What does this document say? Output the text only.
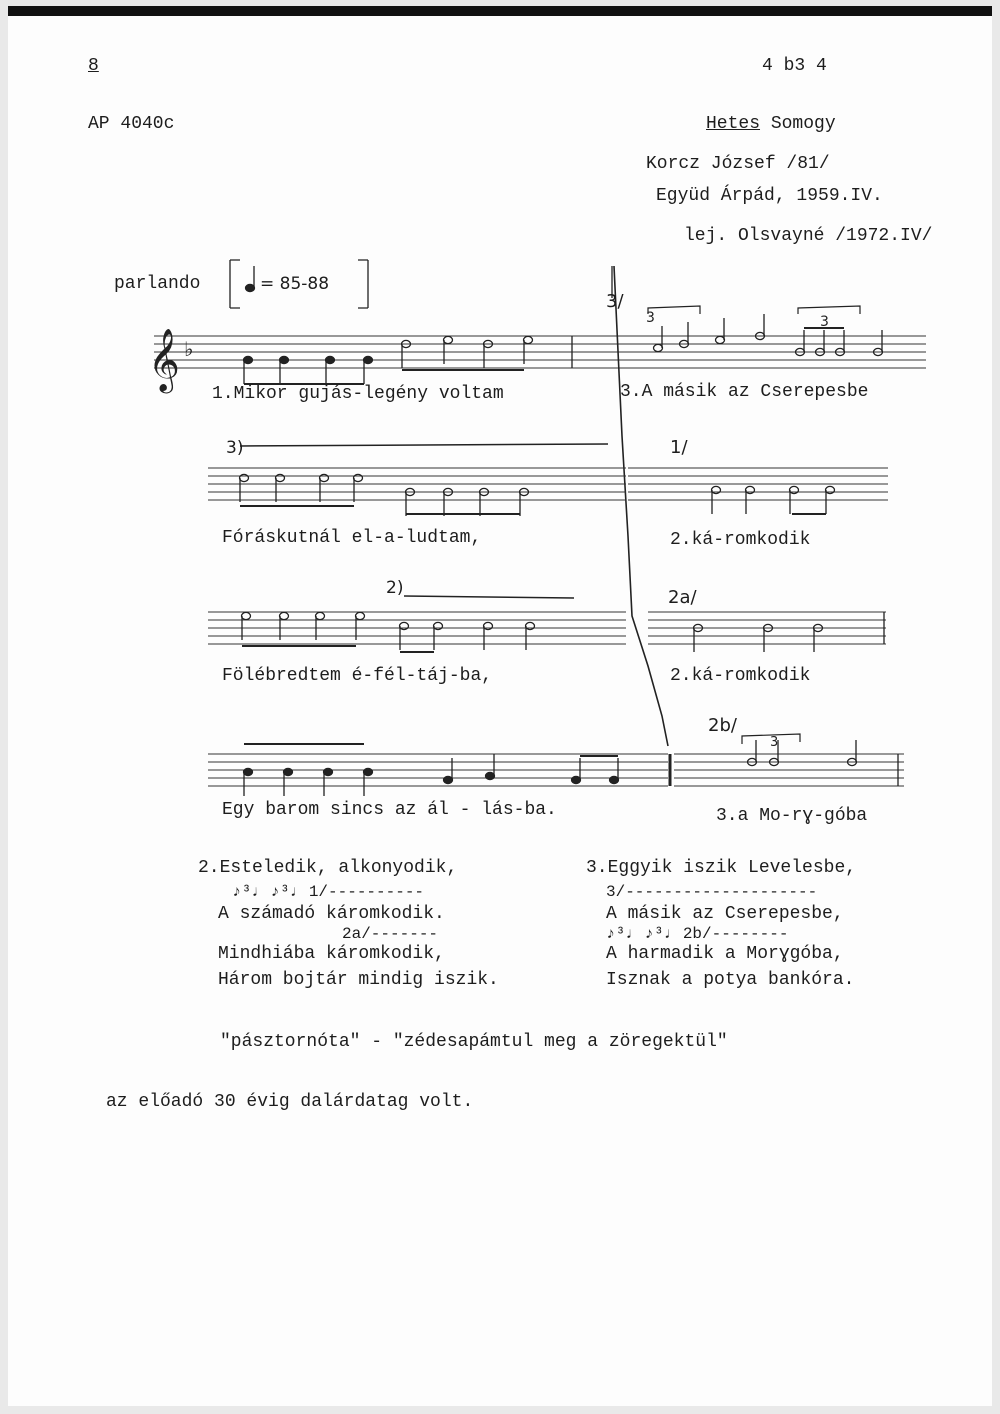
8	4 b3 4
AP 4040c	Hetes Somogy
Korcz József /81/
Együd Árpád, 1959.IV.
lej. Olsvayné /1972.IV/
parlando	= 85-88
𝄞 ♭
3	3
3
1.Mikor gujás-legény voltam	3.A másik az Cserepesbe
Fóráskutnál el-a-ludtam,	2.ká-romkodik
Fölébredtem é-fél-táj-ba,	2.ká-romkodik
Egy barom sincs az ál - lás-ba.	3.a Mo-rɣ-góba
3/
1/
2a/
2b/
3)
2)
2.Esteledik, alkonyodik,
♪³♩ ♪³♩ 1/----------
A számadó káromkodik.
2a/-------
Mindhiába káromkodik,
Három bojtár mindig iszik.
3.Eggyik iszik Levelesbe,
3/--------------------
A másik az Cserepesbe,
♪³♩ ♪³♩ 2b/--------
A harmadik a Morɣgóba,
Isznak a potya bankóra.
"pásztornóta" - "zédesapámtul meg a zöregektül"
az előadó 30 évig dalárdatag volt.
